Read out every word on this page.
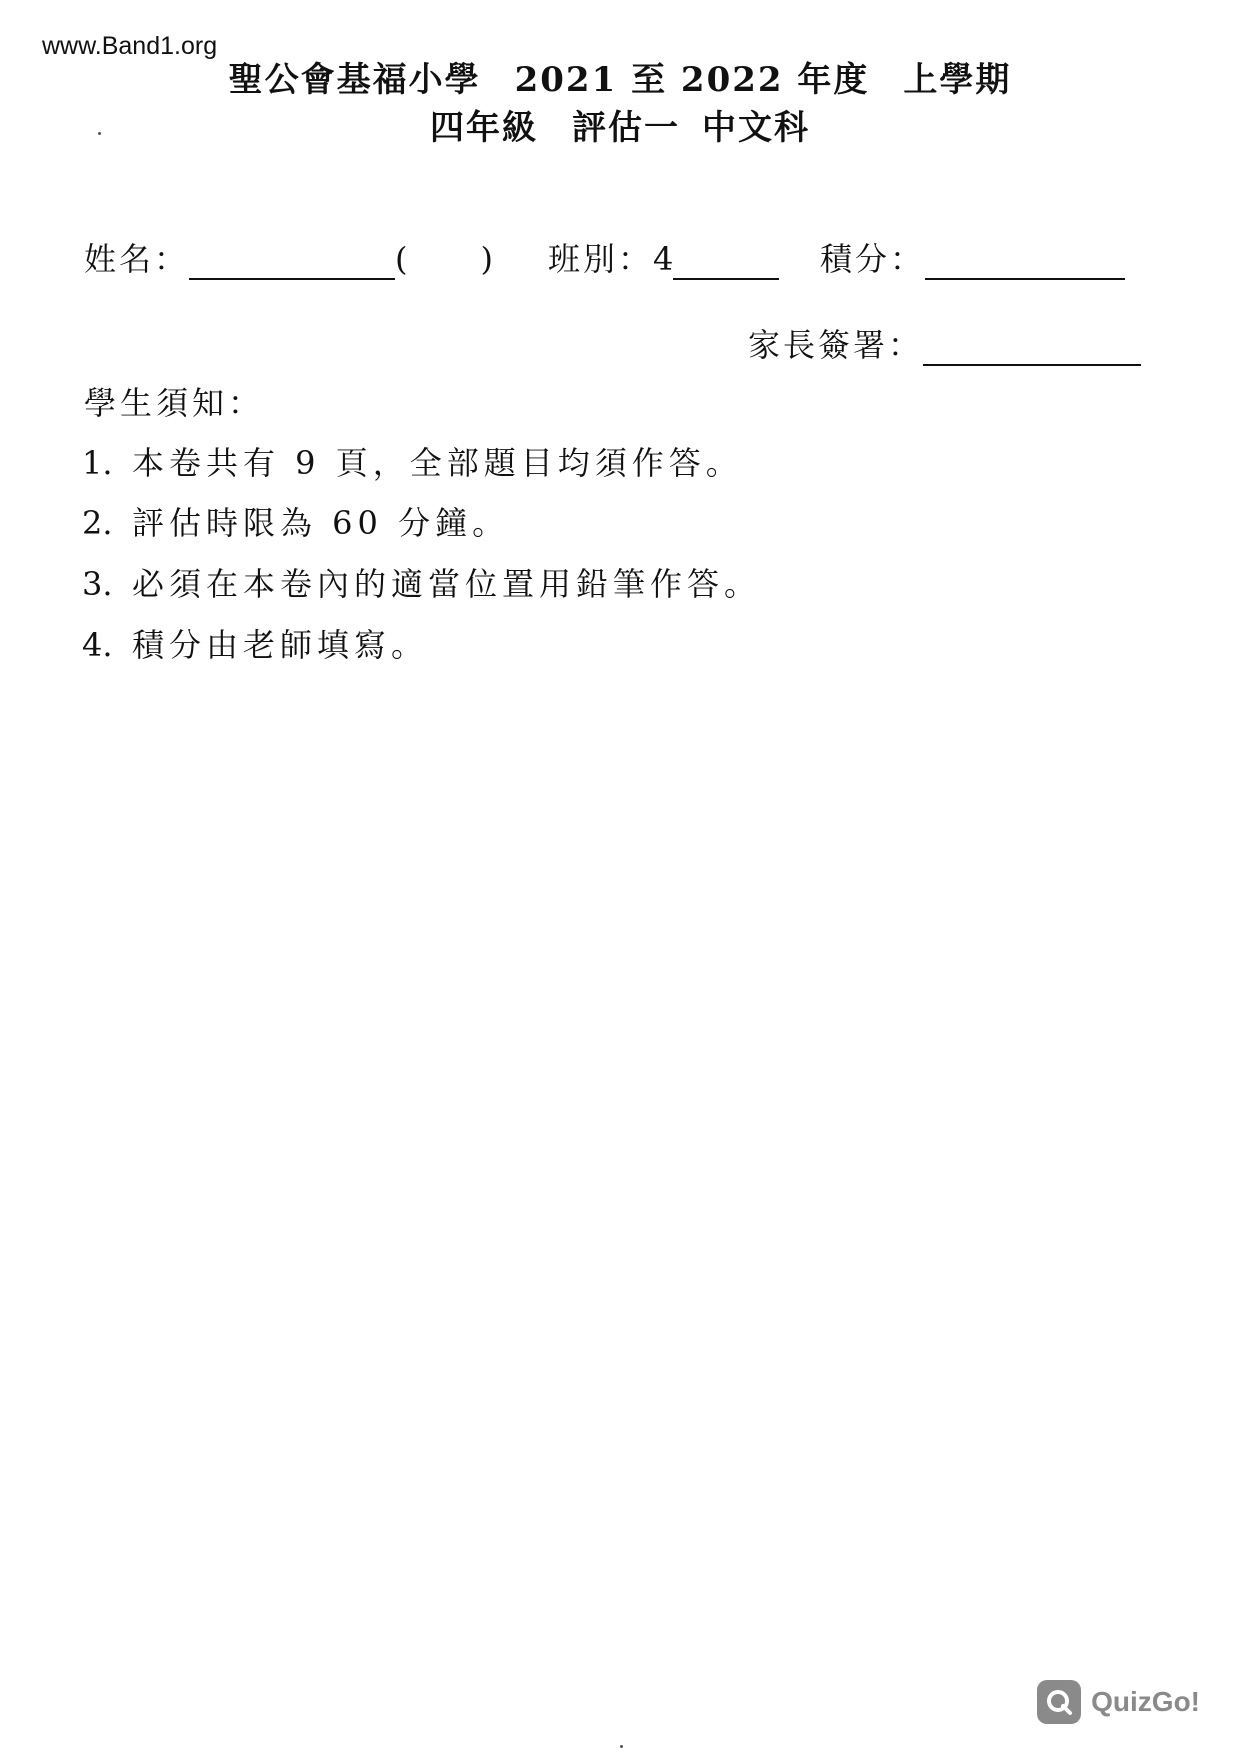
www.Band1.org
聖公會基福小學 2021 至 2022 年度 上學期
四年級 評估一 中文科
姓名：	( ) 班別：4	積分：
家長簽署：
學生須知：
1. 本卷共有 9 頁，全部題目均須作答。
2. 評估時限為 60 分鐘。
3. 必須在本卷內的適當位置用鉛筆作答。
4. 積分由老師填寫。
QuizGo!
